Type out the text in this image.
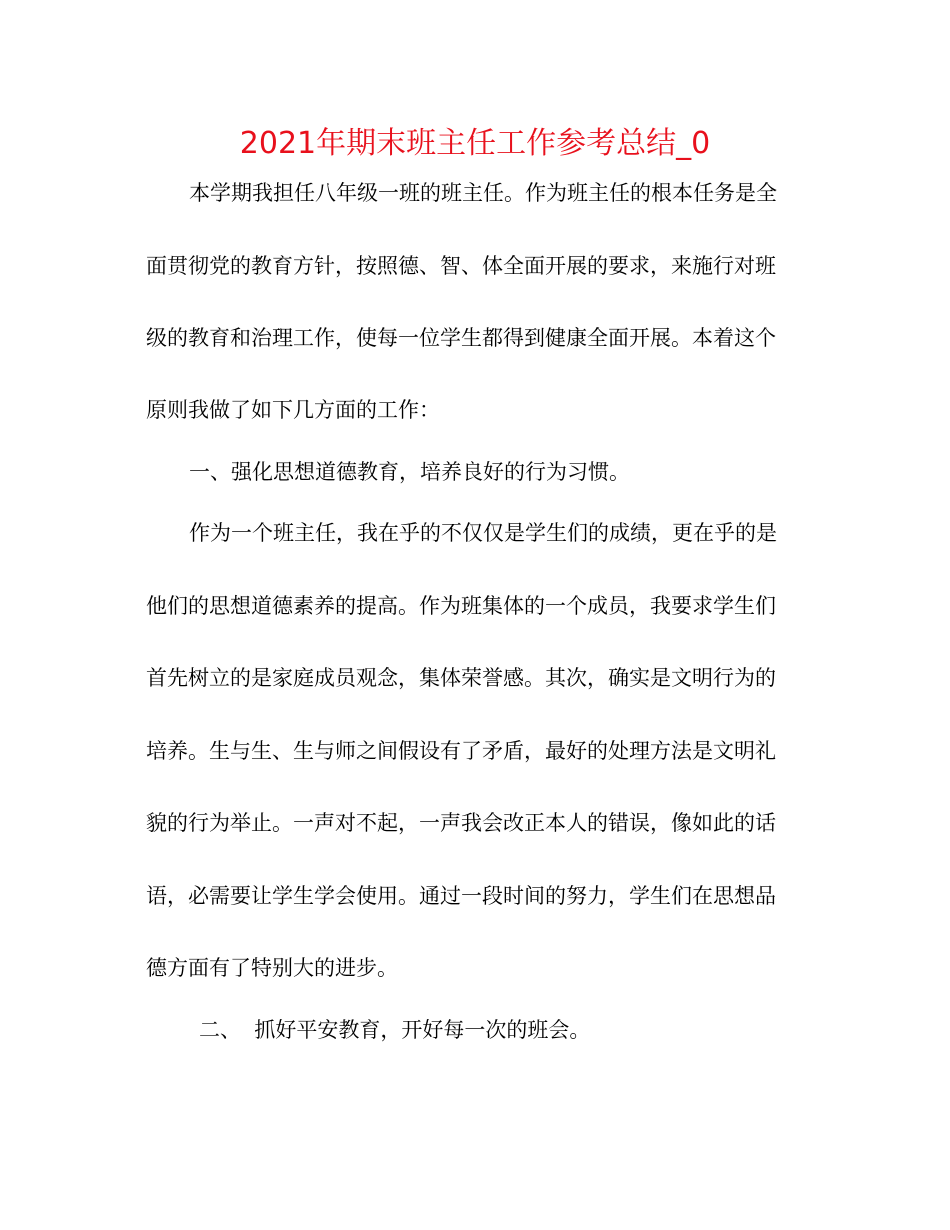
2021年期末班主任工作参考总结_0
本学期我担任八年级一班的班主任。作为班主任的根本任务是全
面贯彻党的教育方针，按照德、智、体全面开展的要求，来施行对班
级的教育和治理工作，使每一位学生都得到健康全面开展。本着这个
原则我做了如下几方面的工作：
一、强化思想道德教育，培养良好的行为习惯。
作为一个班主任，我在乎的不仅仅是学生们的成绩，更在乎的是
他们的思想道德素养的提高。作为班集体的一个成员，我要求学生们
首先树立的是家庭成员观念，集体荣誉感。其次，确实是文明行为的
培养。生与生、生与师之间假设有了矛盾，最好的处理方法是文明礼
貌的行为举止。一声对不起，一声我会改正本人的错误，像如此的话
语，必需要让学生学会使用。通过一段时间的努力，学生们在思想品
德方面有了特别大的进步。
二、  抓好平安教育，开好每一次的班会。
